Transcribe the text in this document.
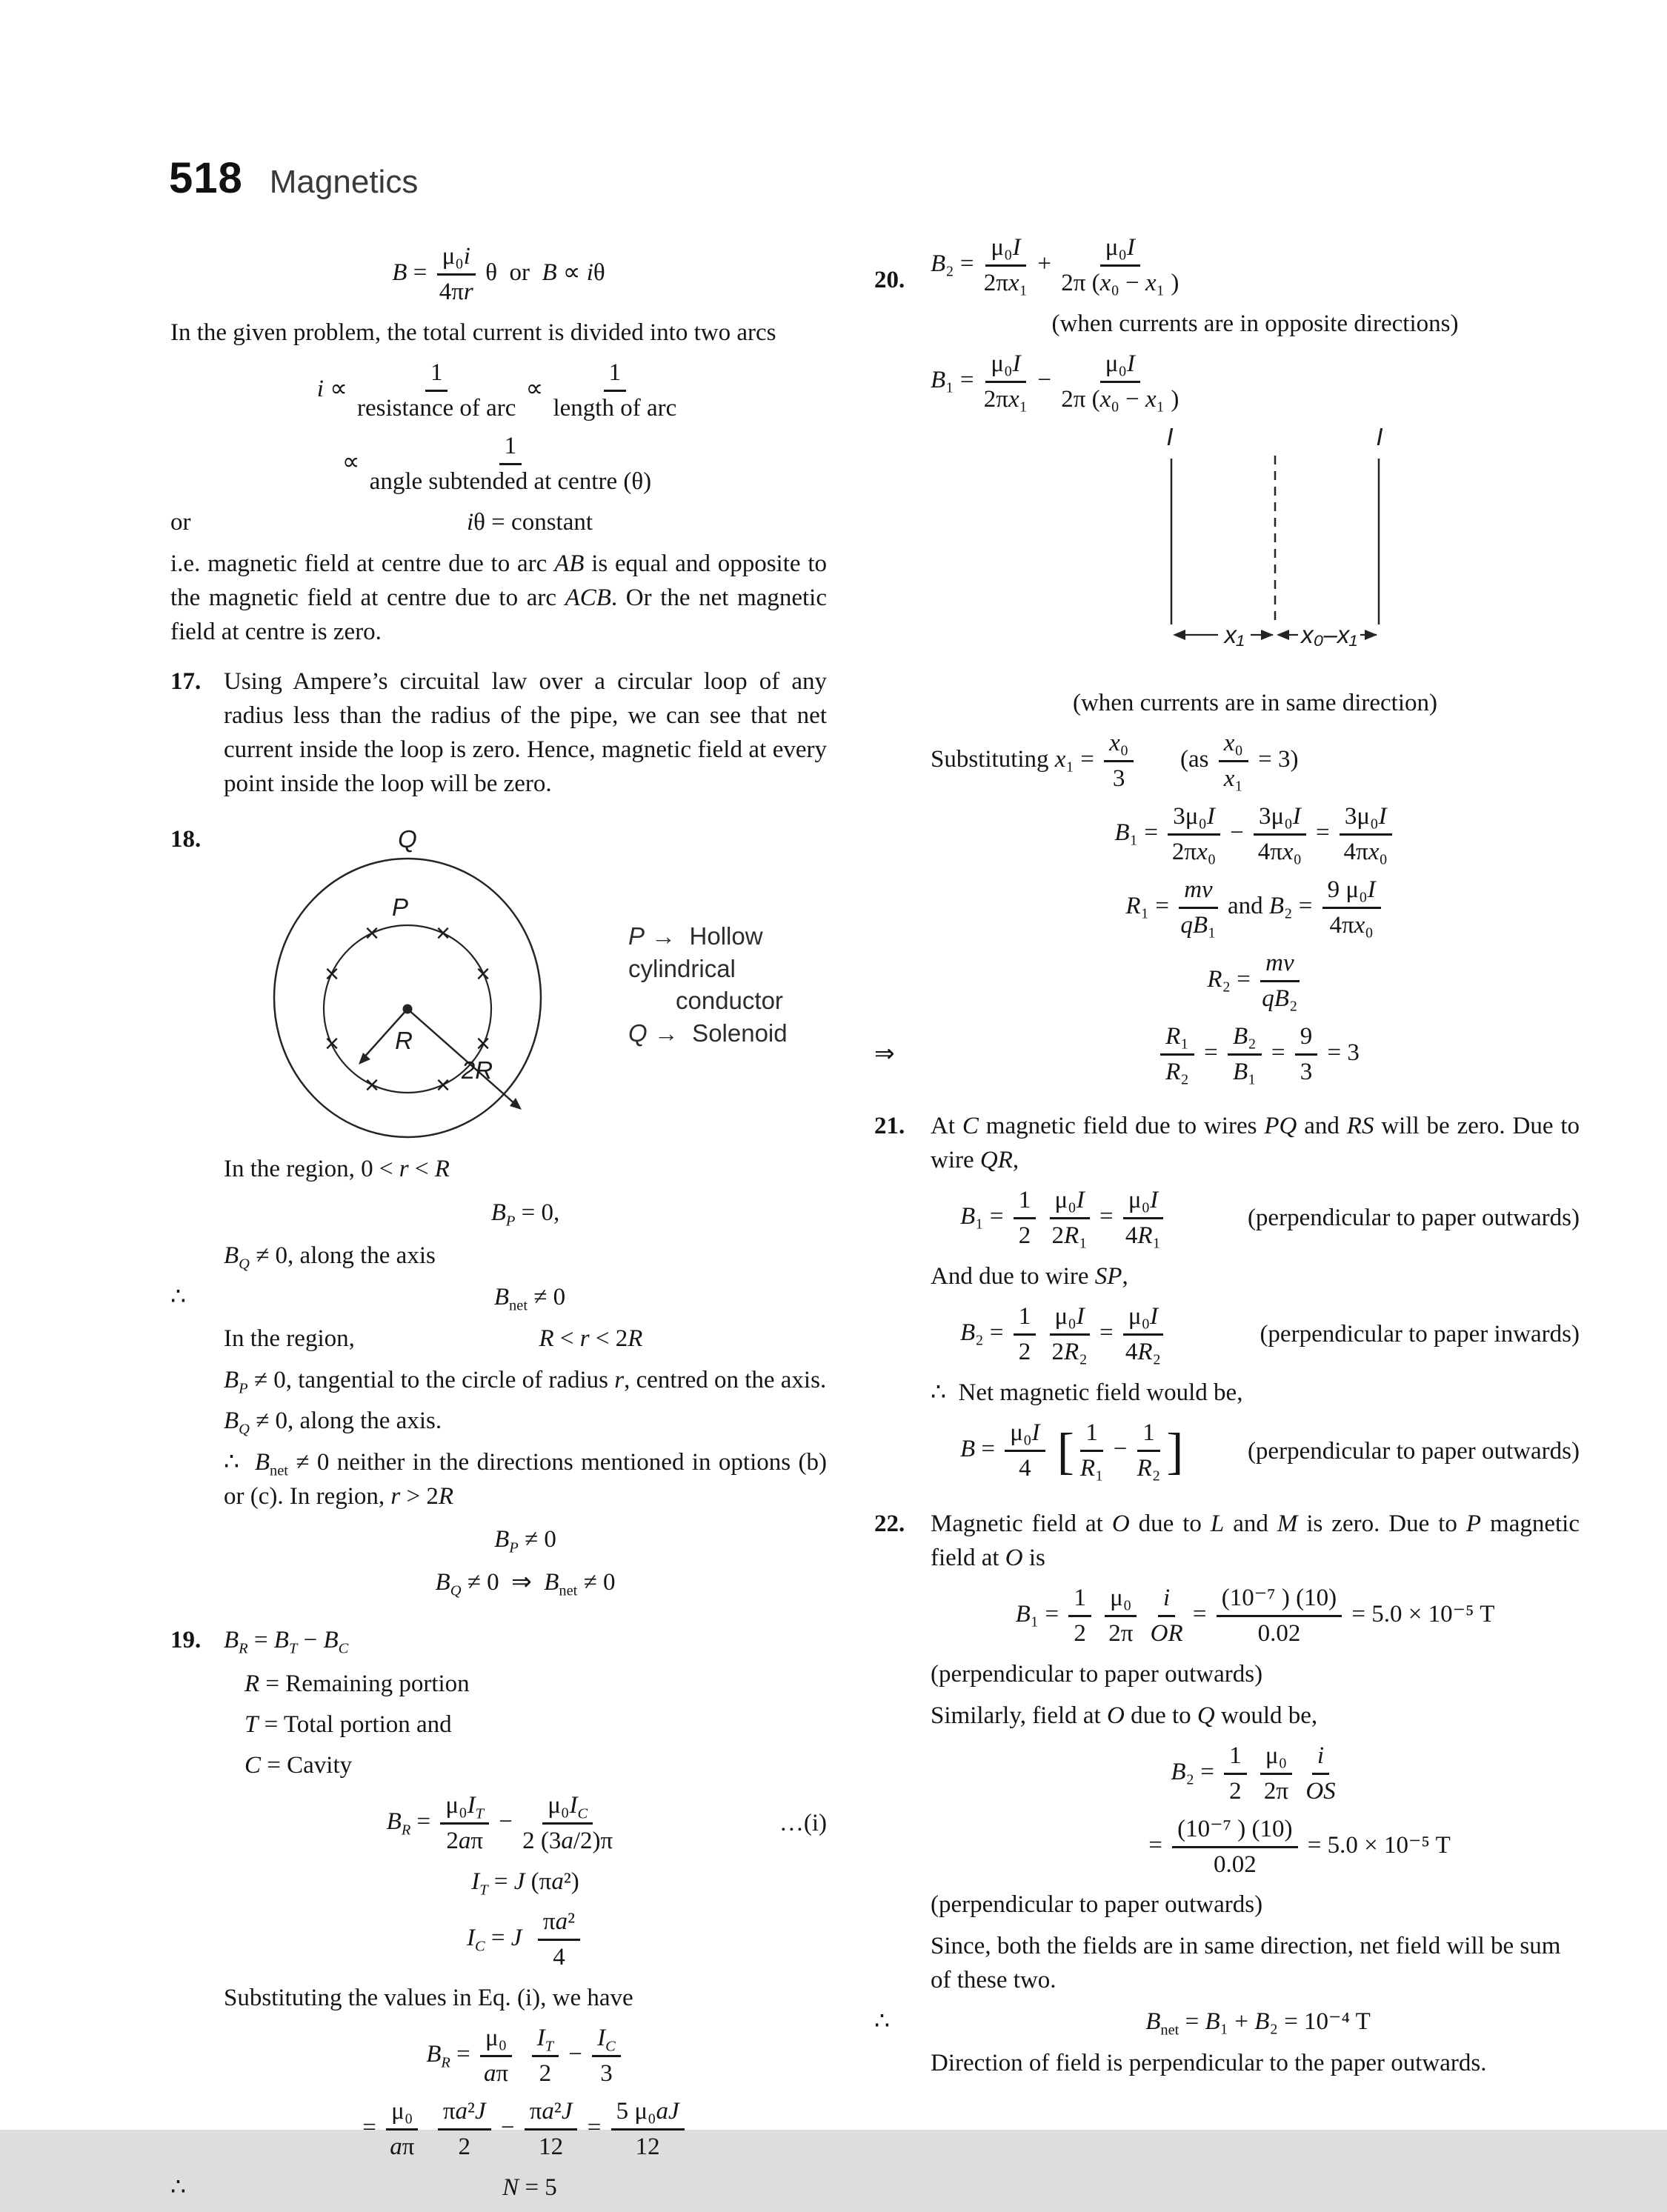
518 Magnetics
$B = \frac{\text{μ₀i}}{4\pi r}$ θ  or  B ∝ iθ

In the given problem, the total current is divided into two arcs

$i \propto \frac{1}{\text{resistance of arc}} \propto \frac{1}{\text{length of arc}}$
∝ $\frac{1}{\text{angle subtended at centre (θ)}}$
or	iθ = constant

i.e. magnetic field at centre due to arc AB is equal and opposite to the magnetic field at centre due to arc ACB. Or the net magnetic field at centre is zero.

17. Using Ampere’s circuital law over a circular loop of any radius less than the radius of the pipe, we can see that net current inside the loop is zero. Hence, magnetic field at every point inside the loop will be zero.

18.	Q
P
×
×
×
×
×
× ×
×
R
2R
P →  Hollow cylindrical
conductor
Q →  Solenoid

In the region, 0 < r < R

$B_P = 0$,

$B_Q \ne 0$, along the axis

∴	$B_{net} \ne 0$
In the region,	R < r < 2R

$B_P \ne 0$, tangential to the circle of radius r, centred on the axis.

$B_Q \ne 0$, along the axis.

∴  $B_{net} \ne 0$ neither in the directions mentioned in options (b) or (c). In region, r > 2R

$B_P \ne 0$
$B_Q \ne 0$  ⇒  $B_{net} \ne 0$
19. $B_R = B_T - B_C$

R = Remaining portion

T = Total portion and

C = Cavity

$B_R = \frac{\mu_0I_T}{2a\pi} - \frac{\mu_0I_C}{2 (3a/2)\pi}$	…(i)
$I_T = J$ (πa²)
$I_C = J \frac{\text{πa²}}{4}$

Substituting the values in Eq. (i), we have

$B_R = \frac{\text{μ₀}}{a\pi}$
$\frac{I_T}{2} - \frac{I_C}{3}$
= $\frac{\text{μ₀}}{a\pi}$
$\frac{\text{πa²J}}{2} - \frac{\text{πa²J}}{12} = \frac{\text{5 μ₀aJ}}{12}$
∴	N = 5
20.
$B_2 = \frac{\text{μ₀I}}{\text{2πx₁}} + \frac{\text{μ₀I}}{\text{2π (x₀ − x₁ )}}$
(when currents are in opposite directions)
$B_1 = \frac{\text{μ₀I}}{\text{2πx₁}} - \frac{\text{μ₀I}}{\text{2π (x₀ − x₁ )}}$
I	I
x₁ x₀–x₁
(when currents are in same direction)

Substituting $x_1 = \frac{\text{x₀}}{3} (as \frac{\text{x₀}}{\text{x₁}} = 3)$

$B_1 = \frac{\text{3μ₀I}}{\text{2πx₀}} - \frac{\text{3μ₀I}}{\text{4πx₀}} = \frac{\text{3μ₀I}}{\text{4πx₀}}$
$R_1 = \frac{mv}{\text{qB₁}}$ and $B_2 = \frac{\text{9 μ₀I}}{\text{4πx₀}}$
$R_2 = \frac{mv}{\text{qB₂}}$
⇒	$\frac{\text{R₁}}{\text{R₂}} = \frac{\text{B₂}}{\text{B₁}} = \frac{9}{3} = 3$
21.	At C magnetic field due to wires PQ and RS will be zero. Due to wire QR,

$B_1 = \frac{1}{2}$
$\frac{\text{μ₀I}}{\text{2R₁}} = \frac{\text{μ₀I}}{\text{4R₁}}$	(perpendicular to paper outwards)

And due to wire SP,

$B_2 = \frac{1}{2}$
$\frac{\text{μ₀I}}{\text{2R₂}} = \frac{\text{μ₀I}}{\text{4R₂}}$	(perpendicular to paper inwards)

∴  Net magnetic field would be,

$B = \frac{\text{μ₀I}}{4}$ [ $\frac{1}{\text{R₁}} - \frac{1}{\text{R₂}}$ ]	(perpendicular to paper outwards)
22.	Magnetic field at O due to L and M is zero. Due to P magnetic field at O is

$B_1 = \frac{1}{2}$
$\frac{\text{μ₀}}{2\pi}$
$\frac{i}{OR} = \frac{\text{(10⁻⁷ ) (10)}}{0.02} = 5.0 \times 10^{-5}$ T

(perpendicular to paper outwards)

Similarly, field at O due to Q would be,

$B_2 = \frac{1}{2}$
$\frac{\text{μ₀}}{2\pi}$
$\frac{i}{OS}$
= $\frac{\text{(10⁻⁷ ) (10)}}{0.02} = 5.0 \times 10^{-5}$ T

(perpendicular to paper outwards)

Since, both the fields are in same direction, net field will be sum of these two.

∴	$B_{net} = B_1 + B_2 = 10^{-4}$ T

Direction of field is perpendicular to the paper outwards.
